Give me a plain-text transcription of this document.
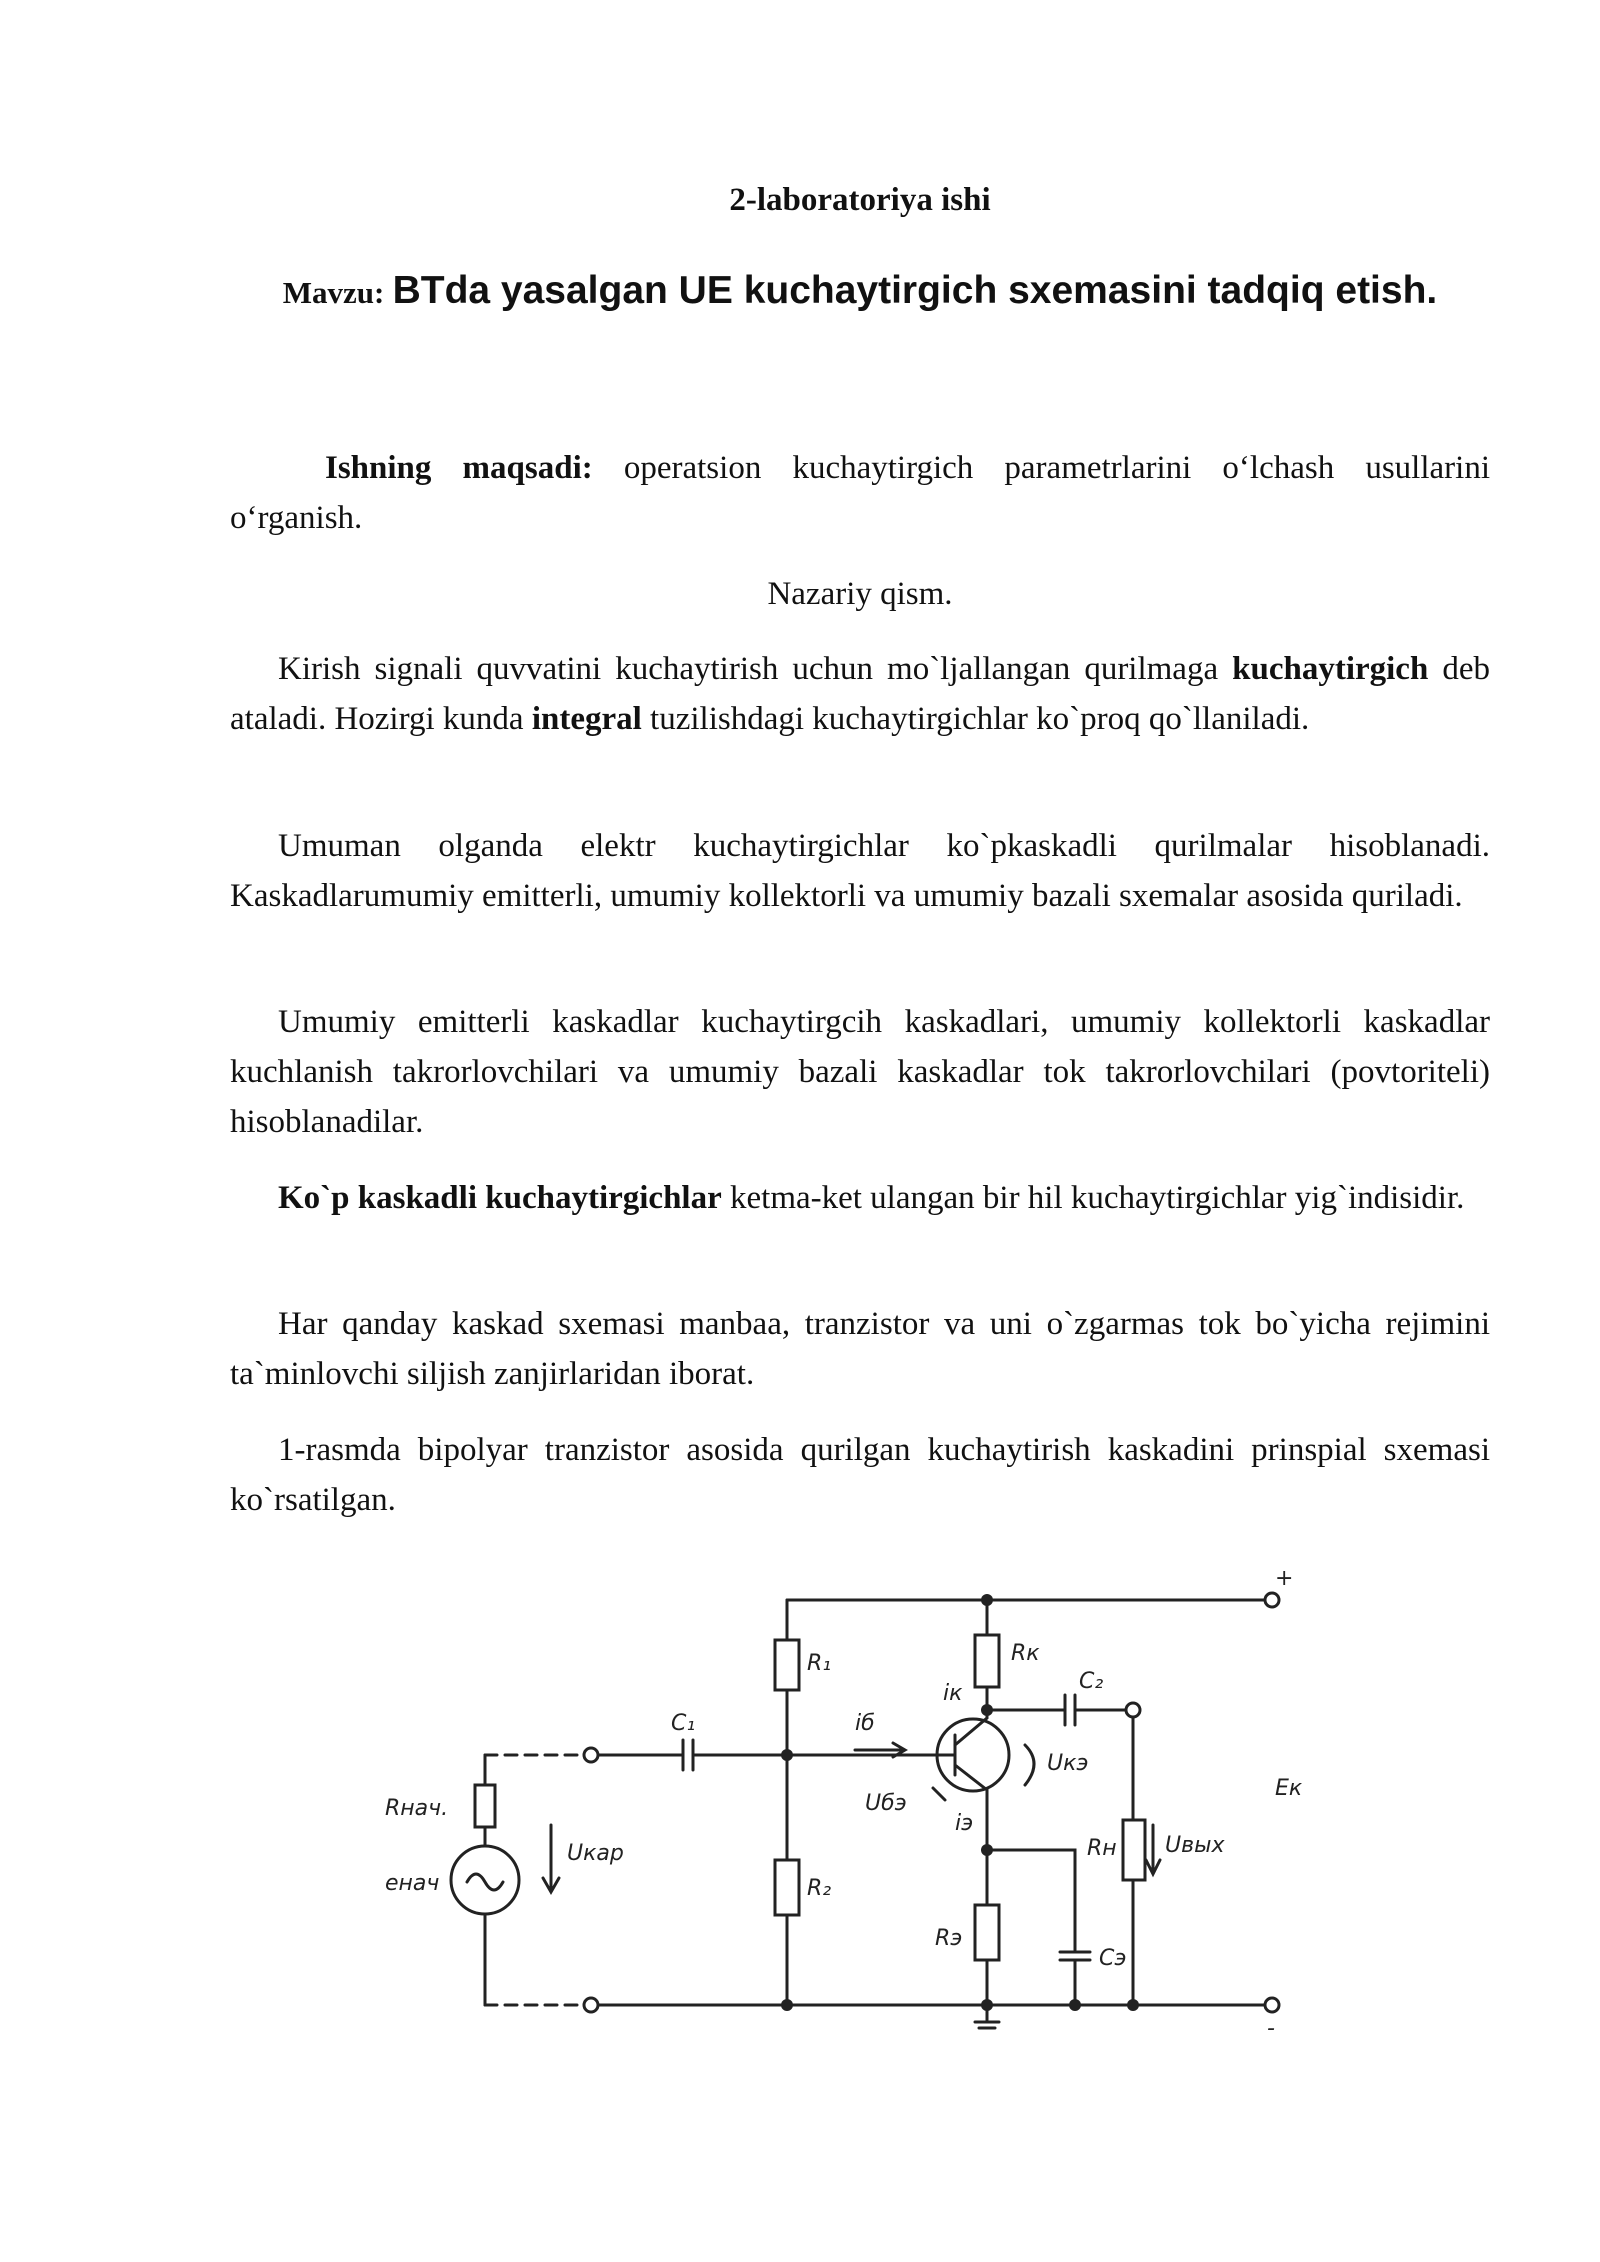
2-laboratoriya ishi
Mavzu: BTda yasalgan UE kuchaytirgich sxemasini tadqiq etish.

Ishning maqsadi: operatsion kuchaytirgich parametrlarini o‘lchash usullarini o‘rganish.

Nazariy qism.

Kirish signali quvvatini kuchaytirish uchun mo`ljallangan qurilmaga kuchaytirgich deb ataladi. Hozirgi kunda integral tuzilishdagi kuchaytirgichlar ko`proq qo`llaniladi.

Umuman olganda elektr kuchaytirgichlar ko`pkaskadli qurilmalar hisoblanadi. Kaskadlarumumiy emitterli, umumiy kollektorli va umumiy bazali sxemalar asosida quriladi.

Umumiy emitterli kaskadlar kuchaytirgcih kaskadlari, umumiy kollektorli kaskadlar kuchlanish takrorlovchilari va umumiy bazali kaskadlar tok takrorlovchilari (povtoriteli) hisoblanadilar.

Ko`p kaskadli kuchaytirgichlar ketma-ket ulangan bir hil kuchaytirgichlar yig`indisidir.

Har qanday kaskad sxemasi manbaa, tranzistor va uni o`zgarmas tok bo`yicha rejimini ta`minlovchi siljish zanjirlaridan iborat.

1-rasmda bipolyar tranzistor asosida qurilgan kuchaytirish kaskadini prinspial sxemasi ko`rsatilgan.

+
-
R₁	Rк
C₂
C₁
iк
iб
Uкэ
Uбэ
iэ
Eк
Rнач.
eнач
Uкар
R₂
Rн Uвых
Rэ
Cэ
